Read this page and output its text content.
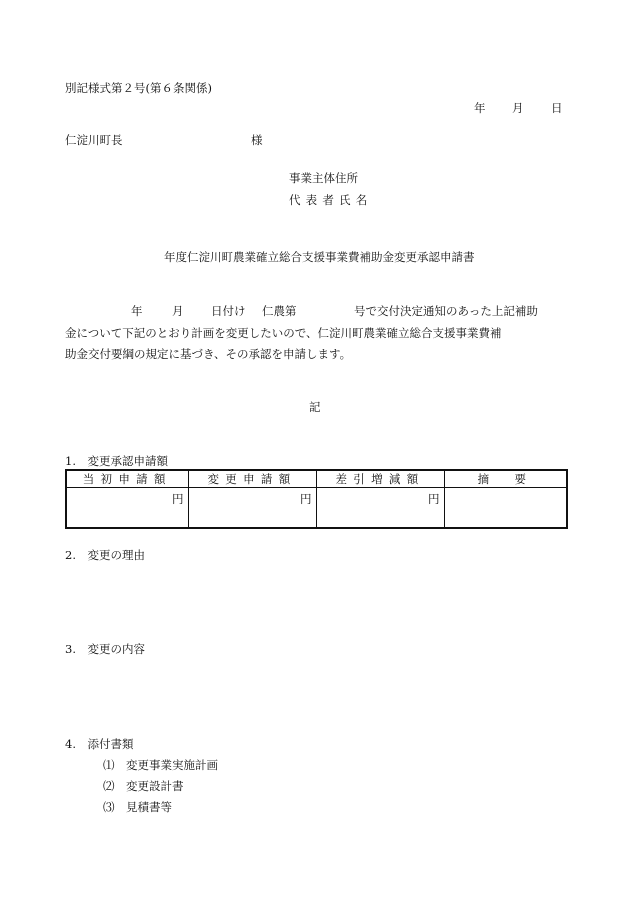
別記様式第２号(第６条関係)
年 月 日
仁淀川町長	様
事業主体住所
代表者氏名
年度仁淀川町農業確立総合支援事業費補助金変更承認申請書
年	月 日付け 仁農第	号で交付決定通知のあった上記補助
金について下記のとおり計画を変更したいので、仁淀川町農業確立総合支援事業費補
助金交付要綱の規定に基づき、その承認を申請します。
記
1.　変更承認申請額
当初申請額	変更申請額	差引増減額	摘　要
円	円	円	
2.　変更の理由
3.　変更の内容
4.　添付書類
⑴　変更事業実施計画
⑵　変更設計書
⑶　見積書等
